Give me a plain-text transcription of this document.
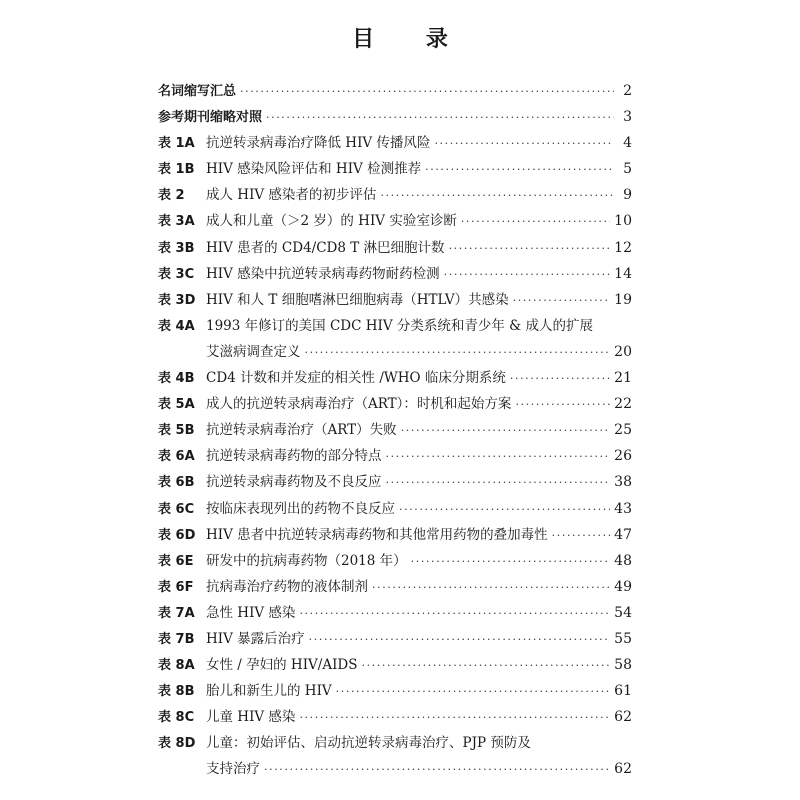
目 录
名词缩写汇总 ·····	2
参考期刊缩略对照 ·····	3
表 1A 抗逆转录病毒治疗降低 HIV 传播风险 ·····	4
表 1B HIV 感染风险评估和 HIV 检测推荐 ·····	5
表 2	成人 HIV 感染者的初步评估 ·····	9
表 3A 成人和儿童（＞2 岁）的 HIV 实验室诊断 ·····	10
表 3B HIV 患者的 CD4/CD8 T 淋巴细胞计数 ·····	12
表 3C HIV 感染中抗逆转录病毒药物耐药检测 ·····	14
表 3D HIV 和人 T 细胞嗜淋巴细胞病毒（HTLV）共感染 ·····	19
表 4A 1993 年修订的美国 CDC HIV 分类系统和青少年 & 成人的扩展
艾滋病调查定义 ·····	20
表 4B CD4 计数和并发症的相关性 /WHO 临床分期系统 ·····	21
表 5A 成人的抗逆转录病毒治疗（ART）：时机和起始方案 ·····	22
表 5B 抗逆转录病毒治疗（ART）失败 ·····	25
表 6A 抗逆转录病毒药物的部分特点 ·····	26
表 6B 抗逆转录病毒药物及不良反应 ·····	38
表 6C 按临床表现列出的药物不良反应 ·····	43
表 6D HIV 患者中抗逆转录病毒药物和其他常用药物的叠加毒性 ·····	47
表 6E 研发中的抗病毒药物（2018 年） ·····	48
表 6F 抗病毒治疗药物的液体制剂 ·····	49
表 7A 急性 HIV 感染 ·····	54
表 7B HIV 暴露后治疗 ·····	55
表 8A 女性 / 孕妇的 HIV/AIDS ·····	58
表 8B 胎儿和新生儿的 HIV ·····	61
表 8C 儿童 HIV 感染 ·····	62
表 8D 儿童：初始评估、启动抗逆转录病毒治疗、PJP 预防及
支持治疗 ·····	62
